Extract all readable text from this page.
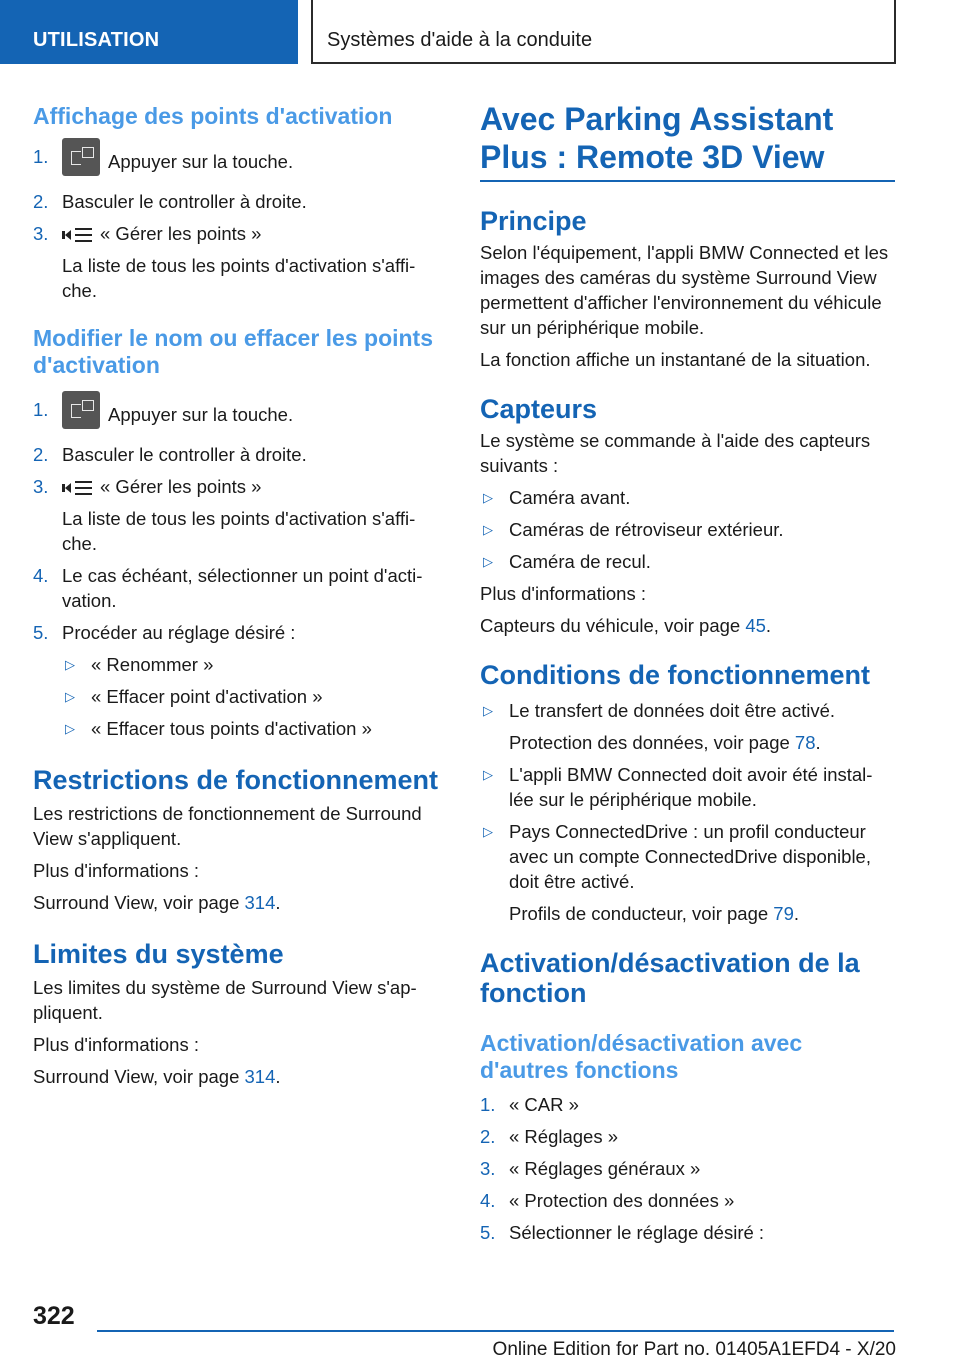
UTILISATION	Systèmes d'aide à la conduite
Affichage des points d'activation
1.	Appuyer sur la touche.
2. Basculer le controller à droite.
3.	« Gérer les points »
La liste de tous les points d'activation s'affi-che.
Modifier le nom ou effacer les points d'activation
1.	Appuyer sur la touche.
2. Basculer le controller à droite.
3.	« Gérer les points »
La liste de tous les points d'activation s'affi-che.
4. Le cas échéant, sélectionner un point d'acti-vation.
5. Procéder au réglage désiré :
▷ « Renommer »
▷ « Effacer point d'activation »
▷ « Effacer tous points d'activation »
Restrictions de fonctionnement
Les restrictions de fonctionnement de Surround View s'appliquent.
Plus d'informations :
Surround View, voir page 314.
Limites du système
Les limites du système de Surround View s'ap-pliquent.
Plus d'informations :
Surround View, voir page 314.
Avec Parking Assistant Plus : Remote 3D View
Principe
Selon l'équipement, l'appli BMW Connected et les images des caméras du système Surround View permettent d'afficher l'environnement du véhicule sur un périphérique mobile.
La fonction affiche un instantané de la situation.
Capteurs
Le système se commande à l'aide des capteurs suivants :
▷ Caméra avant.
▷ Caméras de rétroviseur extérieur.
▷ Caméra de recul.
Plus d'informations :
Capteurs du véhicule, voir page 45.
Conditions de fonctionnement
▷ Le transfert de données doit être activé.
Protection des données, voir page 78.
▷ L'appli BMW Connected doit avoir été instal-lée sur le périphérique mobile.
▷ Pays ConnectedDrive : un profil conducteur avec un compte ConnectedDrive disponible, doit être activé.
Profils de conducteur, voir page 79.
Activation/désactivation de la fonction
Activation/désactivation avec d'autres fonctions
1. « CAR »
2. « Réglages »
3. « Réglages généraux »
4. « Protection des données »
5. Sélectionner le réglage désiré :
322
Online Edition for Part no. 01405A1EFD4 - X/20
